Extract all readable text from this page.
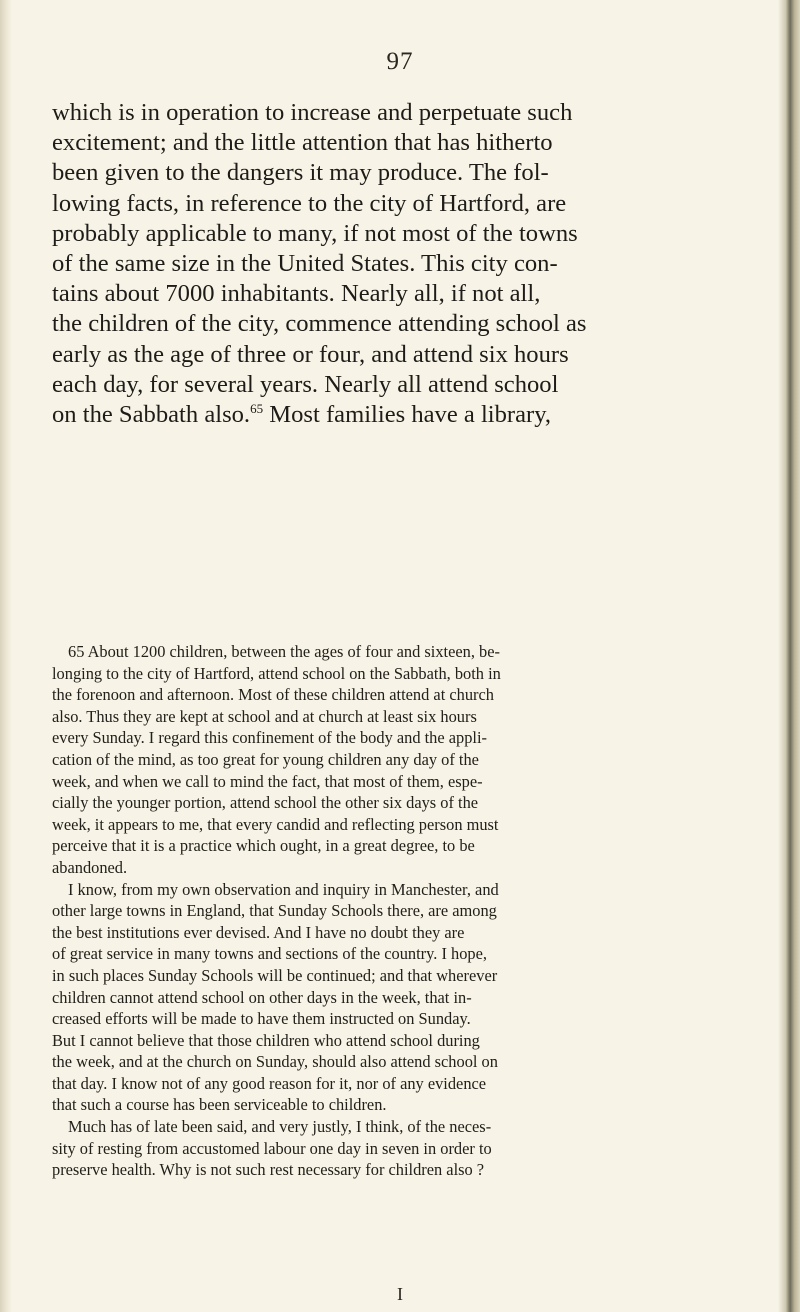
97

which is in operation to increase and perpetuate such
excitement; and the little attention that has hitherto
been given to the dangers it may produce. The fol-
lowing facts, in reference to the city of Hartford, are
probably applicable to many, if not most of the towns
of the same size in the United States. This city con-
tains about 7000 inhabitants. Nearly all, if not all,
the children of the city, commence attending school as
early as the age of three or four, and attend six hours
each day, for several years. Nearly all attend school
on the Sabbath also.$^{65}$ Most families have a library,

65 About 1200 children, between the ages of four and sixteen, be-
longing to the city of Hartford, attend school on the Sabbath, both in
the forenoon and afternoon. Most of these children attend at church
also. Thus they are kept at school and at church at least six hours
every Sunday. I regard this confinement of the body and the appli-
cation of the mind, as too great for young children any day of the
week, and when we call to mind the fact, that most of them, espe-
cially the younger portion, attend school the other six days of the
week, it appears to me, that every candid and reflecting person must
perceive that it is a practice which ought, in a great degree, to be
abandoned.
I know, from my own observation and inquiry in Manchester, and
other large towns in England, that Sunday Schools there, are among
the best institutions ever devised. And I have no doubt they are
of great service in many towns and sections of the country. I hope,
in such places Sunday Schools will be continued; and that wherever
children cannot attend school on other days in the week, that in-
creased efforts will be made to have them instructed on Sunday.
But I cannot believe that those children who attend school during
the week, and at the church on Sunday, should also attend school on
that day. I know not of any good reason for it, nor of any evidence
that such a course has been serviceable to children.
Much has of late been said, and very justly, I think, of the neces-
sity of resting from accustomed labour one day in seven in order to
preserve health. Why is not such rest necessary for children also ?
I
